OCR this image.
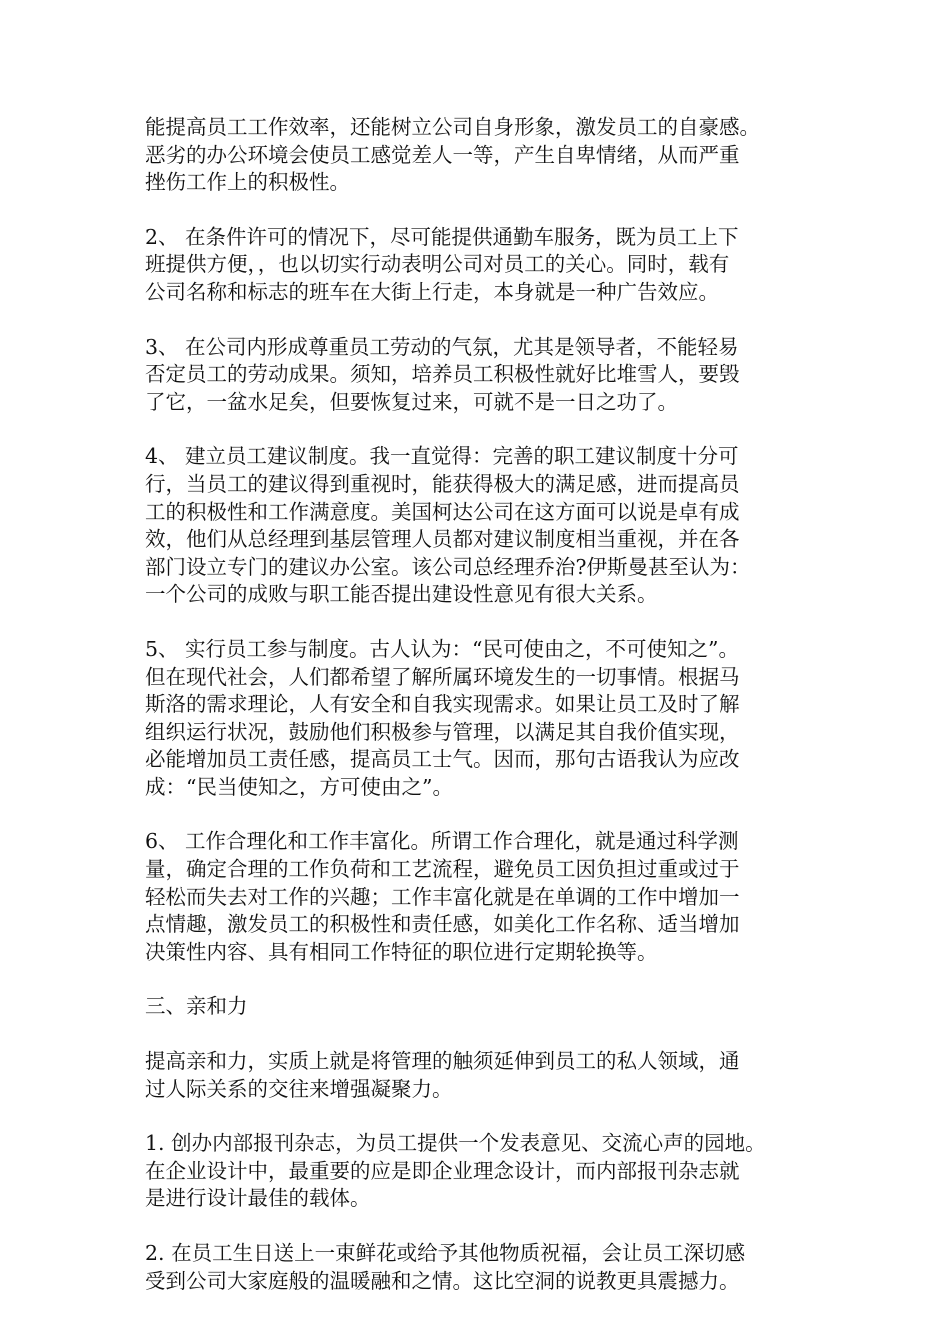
能提高员工工作效率，还能树立公司自身形象，激发员工的自豪感。
恶劣的办公环境会使员工感觉差人一等，产生自卑情绪，从而严重
挫伤工作上的积极性。
2、 在条件许可的情况下，尽可能提供通勤车服务，既为员工上下
班提供方便，，也以切实行动表明公司对员工的关心。同时，载有
公司名称和标志的班车在大街上行走，本身就是一种广告效应。
3、 在公司内形成尊重员工劳动的气氛，尤其是领导者，不能轻易
否定员工的劳动成果。须知，培养员工积极性就好比堆雪人，要毁
了它，一盆水足矣，但要恢复过来，可就不是一日之功了。
4、 建立员工建议制度。我一直觉得：完善的职工建议制度十分可
行，当员工的建议得到重视时，能获得极大的满足感，进而提高员
工的积极性和工作满意度。美国柯达公司在这方面可以说是卓有成
效，他们从总经理到基层管理人员都对建议制度相当重视，并在各
部门设立专门的建议办公室。该公司总经理乔治?伊斯曼甚至认为：
一个公司的成败与职工能否提出建设性意见有很大关系。
5、 实行员工参与制度。古人认为：“民可使由之，不可使知之”。
但在现代社会，人们都希望了解所属环境发生的一切事情。根据马
斯洛的需求理论，人有安全和自我实现需求。如果让员工及时了解
组织运行状况，鼓励他们积极参与管理，以满足其自我价值实现，
必能增加员工责任感，提高员工士气。因而，那句古语我认为应改
成：“民当使知之，方可使由之”。
6、 工作合理化和工作丰富化。所谓工作合理化，就是通过科学测
量，确定合理的工作负荷和工艺流程，避免员工因负担过重或过于
轻松而失去对工作的兴趣；工作丰富化就是在单调的工作中增加一
点情趣，激发员工的积极性和责任感，如美化工作名称、适当增加
决策性内容、具有相同工作特征的职位进行定期轮换等。
三、亲和力
提高亲和力，实质上就是将管理的触须延伸到员工的私人领域，通
过人际关系的交往来增强凝聚力。
1. 创办内部报刊杂志，为员工提供一个发表意见、交流心声的园地。
在企业设计中，最重要的应是即企业理念设计，而内部报刊杂志就
是进行设计最佳的载体。
2. 在员工生日送上一束鲜花或给予其他物质祝福，会让员工深切感
受到公司大家庭般的温暖融和之情。这比空洞的说教更具震撼力。
